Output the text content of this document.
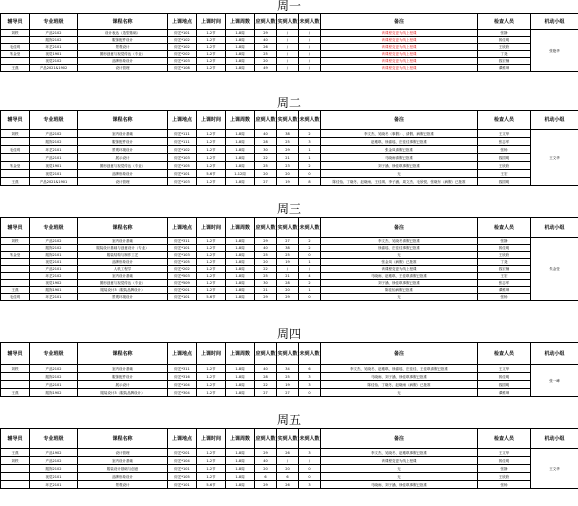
周一
辅导员	专业班级	课程名称	上课地点	上课时间	上课周数	应到人数	实到人数	未到人数	备注	检查人员	机动小组
刘轶	产品2102	设计表达（造型基础）	综艺*101	1-2节	1-8周	29	/	/	该课程变更为线上授课	张静	张艳华
	服饰2102	服饰配件设计	综艺*102	1-2节	1-8周	40	/	/	该课程变更为线上授课	郭佳明	
毛佳玥	环艺2101	景观设计	综艺*102	1-2节	1-8周	26	/	/	该课程变更为线上授课	王欣欣	
朱金莹	视觉1901	图形创意与视觉传达（专业）	综艺*202	1-2节	1-8周	25	/	/	该课程变更为线上授课	丁尧	
	视觉2102	品牌形象设计	综艺*103	1-2节	1-8周	20	/	/	该课程变更为线上授课	钱宏楠	
王燕	产品2021&1902	设计管理	综艺*108	1-2节	1-8周	49	/	/	该课程变更为线上授课	谭维坤	
周二
辅导员	专业班级	课程名称	上课地点	上课时间	上课周数	应到人数	实到人数	未到人数	备注	检查人员	机动小组
刘轶	产品2102	室内设计基础	综艺*111	1-2节	1-8周	40	38	2	李文杰、吴晓冬（事假）、请假、病假已批准	王文华	王文华
	服饰2102	服饰配件设计	综艺*111	1-2节	1-8周	28	25	3	赵雅琪、徐嘉瑶、庄佳佳事假已批准	张志军	
毛佳玥	环艺2101	景观环境设计	综艺*102	1-2节	1-8周	30	29	1	张金凤请假已批准	张杨	
	产品2101	展示设计	综艺*103	1-2节	1-8周	22	21	1	马晓雨请假已批准	钱国明	
朱金莹	视觉1901	图形创意与视觉传达（专业）	综艺*105	1-2节	1-8周	25	23	2	刘子涵、徐佳琪事假已批准	王欣欣	
	视觉2101	品牌形象设计	综艺*101	5-6节	1-12周	20	20	0	无	王宏	
王燕	产品2021&1901	设计管理	综艺*103	1-2节	1-8周	27	19	8	陈佳怡、丁晓冬、赵晓雨、王佳琪、李子涵、周文杰、毛欣悦、张晓东（病假）已批准	钱国明	
周三
辅导员	专业班级	课程名称	上课地点	上课时间	上课周数	应到人数	实到人数	未到人数	备注	检查人员	机动小组
刘轶	产品2102	室内设计基础	综艺*311	1-2节	1-8周	29	27	2	李文杰、吴晓冬请假已批准	张静	朱金莹
	服饰2102	服装设计基础与创意设计（专业）	综艺*101	1-2节	1-8周	40	38	2	徐嘉瑶、庄佳佳事假已批准	郭佳明	
朱金莹	服饰2101	服装结构与制作工艺	综艺*103	1-2节	1-8周	25	25	0	无	王欣欣	
	视觉2101	品牌形象设计	综艺*105	1-2节	1-8周	20	19	1	张金凤（病假）已批准	丁尧	
	产品2101	人机工程学	综艺*202	1-2节	1-8周	22	/	/	该课程变更为线上授课	钱宏楠	
	环艺2102	室内设计基础	综艺*503	1-2节	1-8周	25	21	4	马晓雨、赵雅琪、王佳琪请假已批准	王宏	
	视觉1902	图形创意与视觉传达（专业）	综艺*509	1-2节	1-8周	30	28	2	刘子涵、徐佳琪事假已批准	张志军	
王燕	服饰1901	服装设计3（服装品牌设计）	综艺*201	1-2节	1-8周	21	20	1	陈佳怡病假已批准	谭维坤	
毛佳玥	环艺2101	景观环境设计	综艺*101	5-6节	1-8周	29	29	0	无	张杨	
周四
辅导员	专业班级	课程名称	上课地点	上课时间	上课周数	应到人数	实到人数	未到人数	备注	检查人员	机动小组
刘轶	产品2102	室内设计基础	综艺*311	1-2节	1-8周	40	34	6	李文杰、吴晓冬、赵雅琪、徐嘉瑶、庄佳佳、王佳琪请假已批准	王文华	张一峰
	服饰2102	服饰配件设计	综艺*316	1-2节	1-8周	28	25	3	马晓雨、刘子涵、徐佳琪事假已批准	郭佳明	
	产品2101	展示设计	综艺*104	1-2节	1-8周	22	19	3	陈佳怡、丁晓冬、赵晓雨（病假）已批准	钱国明	
王燕	服饰1902	服装设计3（服装品牌设计）	综艺*304	1-2节	1-8周	27	27	0	无	谭维坤	
周五
辅导员	专业班级	课程名称	上课地点	上课时间	上课周数	应到人数	实到人数	未到人数	备注	检查人员	机动小组
王燕	产品1902	设计管理	综艺*201	1-2节	1-8周	29	26	3	李文杰、吴晓冬、赵雅琪事假已批准	王文华	王文华
刘轶	产品2102	室内设计基础	综艺*104	1-2节	1-8周	40	/	/	该课程变更为线上授课	郭佳明	
	服饰2102	服装设计基础与创意	综艺*101	1-2节	1-8周	20	20	0	无	张静	
	视觉2101	品牌形象设计	综艺*105	1-2节	1-8周	6	6	0	无	王欣欣	
	环艺2101	景观设计	综艺*101	5-6节	1-8周	29	26	3	马晓雨、刘子涵、徐佳琪事假已批准	张杨	
